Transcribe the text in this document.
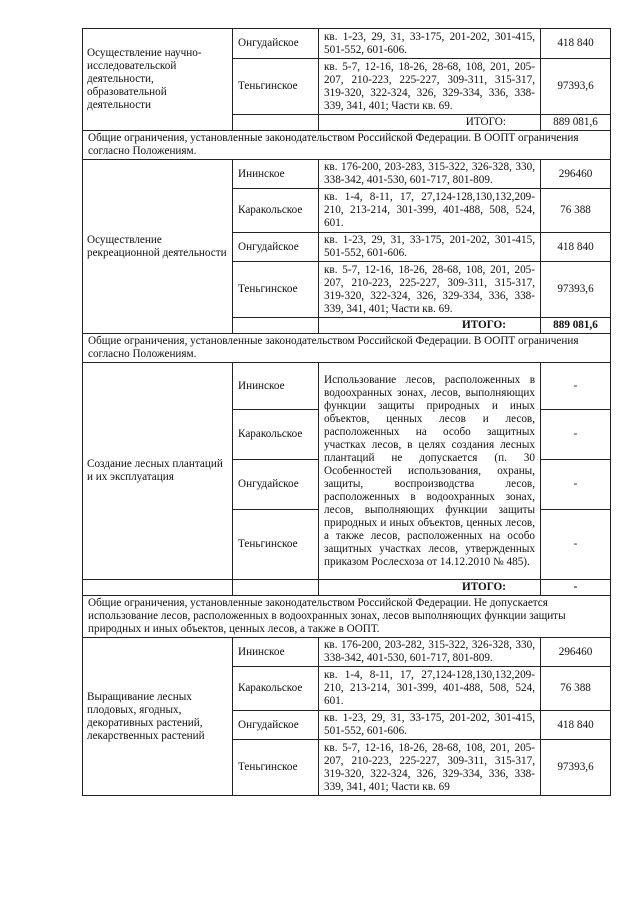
Осуществление научно-исследовательской деятельности, образовательной деятельности	Онгудайское	кв. 1-23, 29, 31, 33-175, 201-202, 301-415, 501-552, 601-606.	418 840
	Теньгинское	кв. 5-7, 12-16, 18-26, 28-68, 108, 201, 205-207, 210-223, 225-227, 309-311, 315-317, 319-320, 322-324, 326, 329-334, 336, 338-339, 341, 401; Части кв. 69.	97393,6
		ИТОГО:	889 081,6
Общие ограничения, установленные законодательством Российской Федерации. В ООПТ ограничения согласно Положениям.			
Осуществление рекреационной деятельности	Ининское	кв. 176-200, 203-283, 315-322, 326-328, 330, 338-342, 401-530, 601-717, 801-809.	296460
	Каракольское	кв. 1-4, 8-11, 17, 27,124-128,130,132,209-210, 213-214, 301-399, 401-488, 508, 524, 601.	76 388
	Онгудайское	кв. 1-23, 29, 31, 33-175, 201-202, 301-415, 501-552, 601-606.	418 840
	Теньгинское	кв. 5-7, 12-16, 18-26, 28-68, 108, 201, 205-207, 210-223, 225-227, 309-311, 315-317, 319-320, 322-324, 326, 329-334, 336, 338-339, 341, 401; Части кв. 69.	97393,6
		ИТОГО:	889 081,6
Общие ограничения, установленные законодательством Российской Федерации. В ООПТ ограничения согласно Положениям.			
Создание лесных плантаций и их эксплуатация	Ининское	Использование лесов, расположенных в водоохранных зонах, лесов, выполняющих функции защиты природных и иных объектов, ценных лесов и лесов, расположенных на особо защитных участках лесов, в целях создания лесных плантаций не допускается (п. 30 Особенностей использования, охраны, защиты, воспроизводства лесов, расположенных в водоохранных зонах, лесов, выполняющих функции защиты природных и иных объектов, ценных лесов, а также лесов, расположенных на особо защитных участках лесов, утвержденных приказом Рослесхоза от 14.12.2010 № 485).	-
	Каракольское		-
	Онгудайское		-
	Теньгинское		-
		ИТОГО:	-
Общие ограничения, установленные законодательством Российской Федерации. Не допускается использование лесов, расположенных в водоохранных зонах, лесов выполняющих функции защиты природных и иных объектов, ценных лесов, а также в ООПТ.			
Выращивание лесных плодовых, ягодных, декоративных растений, лекарственных растений	Ининское	кв. 176-200, 203-282, 315-322, 326-328, 330, 338-342, 401-530, 601-717, 801-809.	296460
	Каракольское	кв. 1-4, 8-11, 17, 27,124-128,130,132,209-210, 213-214, 301-399, 401-488, 508, 524, 601.	76 388
	Онгудайское	кв. 1-23, 29, 31, 33-175, 201-202, 301-415, 501-552, 601-606.	418 840
	Теньгинское	кв. 5-7, 12-16, 18-26, 28-68, 108, 201, 205-207, 210-223, 225-227, 309-311, 315-317, 319-320, 322-324, 326, 329-334, 336, 338-339, 341, 401; Части кв. 69	97393,6
